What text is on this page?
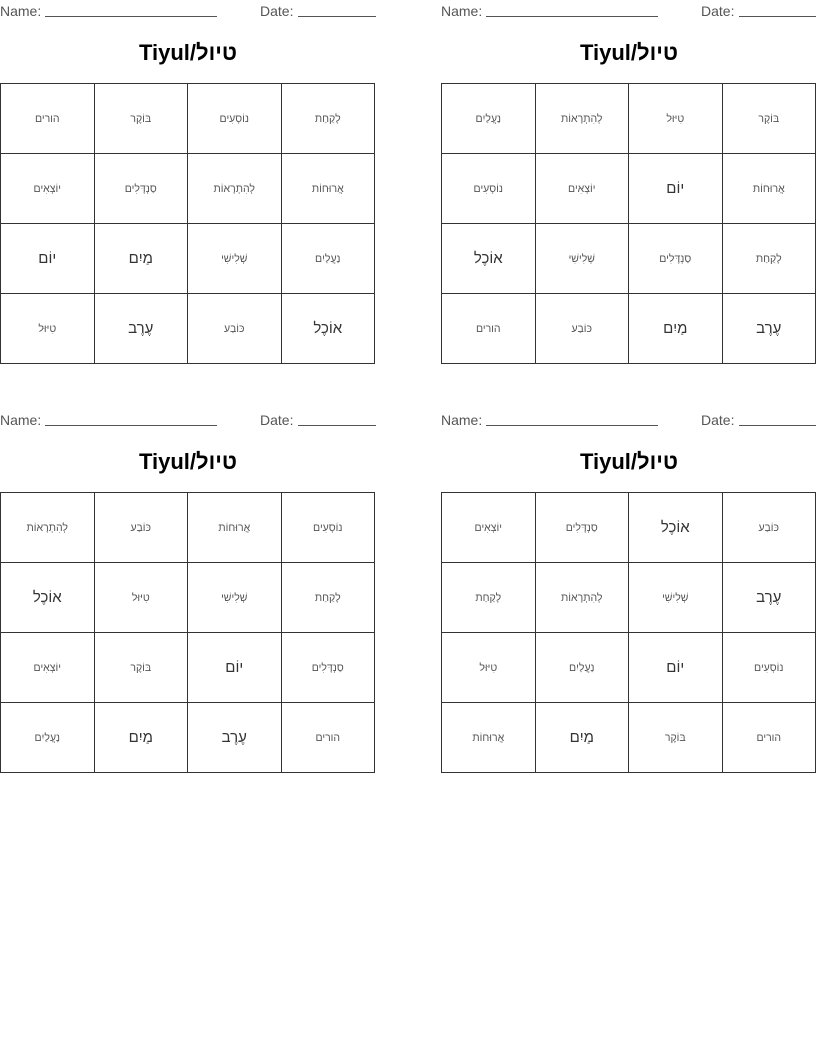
Name:	Date:
Tiyul/טיול
הורים	בּוֹקֶר	נוֹסְעִים	לָקַחַת
יוֹצְאִים	סַנְדָּלִים	לְהִתְרָאוֹת	אֲרוּחוֹת
יוֹם	מַיִם	שְׁלִישִׁי	נַעֲלַיִם
טִיּוּל	עֶרֶב	כּוֹבַע	אוֹכֶל
Name:	Date:
Tiyul/טיול
נַעֲלַיִם	לְהִתְרָאוֹת	טִיּוּל	בּוֹקֶר
נוֹסְעִים	יוֹצְאִים	יוֹם	אֲרוּחוֹת
אוֹכֶל	שְׁלִישִׁי	סַנְדָּלִים	לָקַחַת
הורים	כּוֹבַע	מַיִם	עֶרֶב
Name:	Date:
Tiyul/טיול
לְהִתְרָאוֹת	כּוֹבַע	אֲרוּחוֹת	נוֹסְעִים
אוֹכֶל	טִיּוּל	שְׁלִישִׁי	לָקַחַת
יוֹצְאִים	בּוֹקֶר	יוֹם	סַנְדָּלִים
נַעֲלַיִם	מַיִם	עֶרֶב	הורים
Name:	Date:
Tiyul/טיול
יוֹצְאִים	סַנְדָּלִים	אוֹכֶל	כּוֹבַע
לָקַחַת	לְהִתְרָאוֹת	שְׁלִישִׁי	עֶרֶב
טִיּוּל	נַעֲלַיִם	יוֹם	נוֹסְעִים
אֲרוּחוֹת	מַיִם	בּוֹקֶר	הורים
